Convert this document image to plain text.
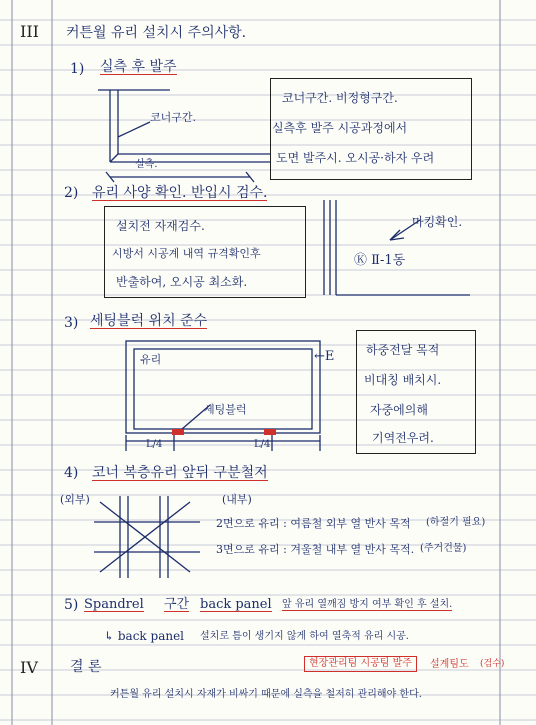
III 커튼월 유리 설치시 주의사항.
1) 실측 후 발주
코너구간.
실측.
코너구간. 비정형구간.
실측후 발주 시공과정에서
도면 발주시. 오시공·하자 우려
2) 유리 사양 확인. 반입시 검수.
설치전 자재검수.
시방서 시공계 내역 규격확인후
반출하여, 오시공 최소화.
마킹확인.
Ⓚ Ⅱ-1동
3) 세팅블럭 위치 준수
유리
세팅블럭
←E
L/4	L/4
하중전달 목적
비대칭 배치시.
자중에의해
기역전우려.
4) 코너 복층유리 앞뒤 구분철저
(외부)	(내부)
2면으로 유리 : 여름철 외부 열 반사 목적 (하절기 필요)
3면으로 유리 : 겨울철 내부 열 반사 목적. (주거건물)
5) Spandrel 구간 back panel 앞 유리 열깨짐 방지 여부 확인 후 설치.
↳ back panel 설치로 틈이 생기지 않게 하여 열축적 유리 시공.
IV 결 론	현장관리팀 시공팀 발주	설계팀도 (검수)
커튼월 유리 설치시 자재가 비싸기 때문에 실측을 철저히 관리해야 한다.
